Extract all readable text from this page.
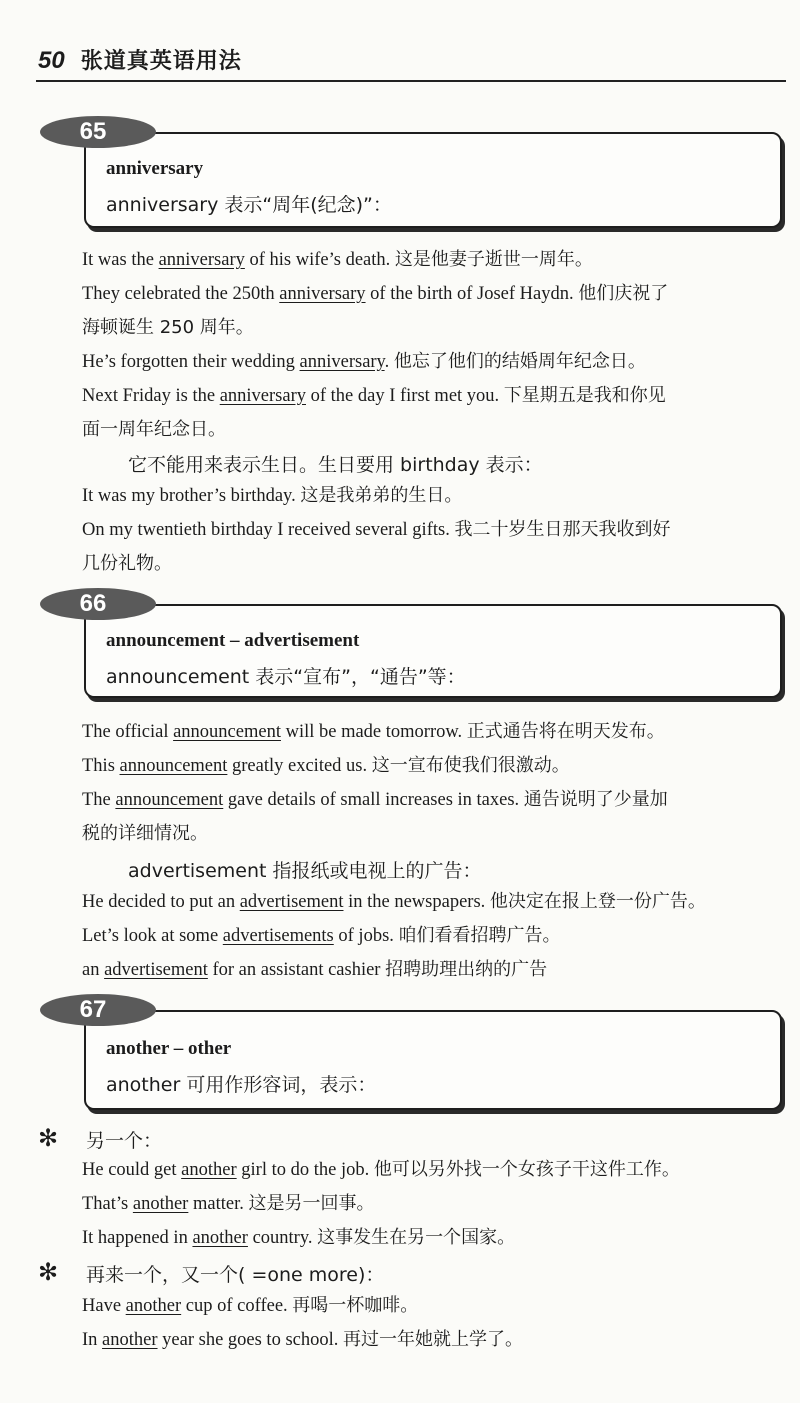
50 张道真英语用法
65
anniversary
anniversary 表示“周年(纪念)”：
It was the anniversary of his wife’s death. 这是他妻子逝世一周年。
They celebrated the 250th anniversary of the birth of Josef Haydn. 他们庆祝了
海顿诞生 250 周年。
He’s forgotten their wedding anniversary. 他忘了他们的结婚周年纪念日。
Next Friday is the anniversary of the day I first met you. 下星期五是我和你见
面一周年纪念日。
它不能用来表示生日。生日要用 birthday 表示：
It was my brother’s birthday. 这是我弟弟的生日。
On my twentieth birthday I received several gifts. 我二十岁生日那天我收到好
几份礼物。
66
announcement – advertisement
announcement 表示“宣布”，“通告”等：
The official announcement will be made tomorrow. 正式通告将在明天发布。
This announcement greatly excited us. 这一宣布使我们很激动。
The announcement gave details of small increases in taxes. 通告说明了少量加
税的详细情况。
advertisement 指报纸或电视上的广告：
He decided to put an advertisement in the newspapers. 他决定在报上登一份广告。
Let’s look at some advertisements of jobs. 咱们看看招聘广告。
an advertisement for an assistant cashier 招聘助理出纳的广告
67
another – other
another 可用作形容词，表示：
✻ 另一个：
He could get another girl to do the job. 他可以另外找一个女孩子干这件工作。
That’s another matter. 这是另一回事。
It happened in another country. 这事发生在另一个国家。
✻ 再来一个，又一个( =one more)：
Have another cup of coffee. 再喝一杯咖啡。
In another year she goes to school. 再过一年她就上学了。
